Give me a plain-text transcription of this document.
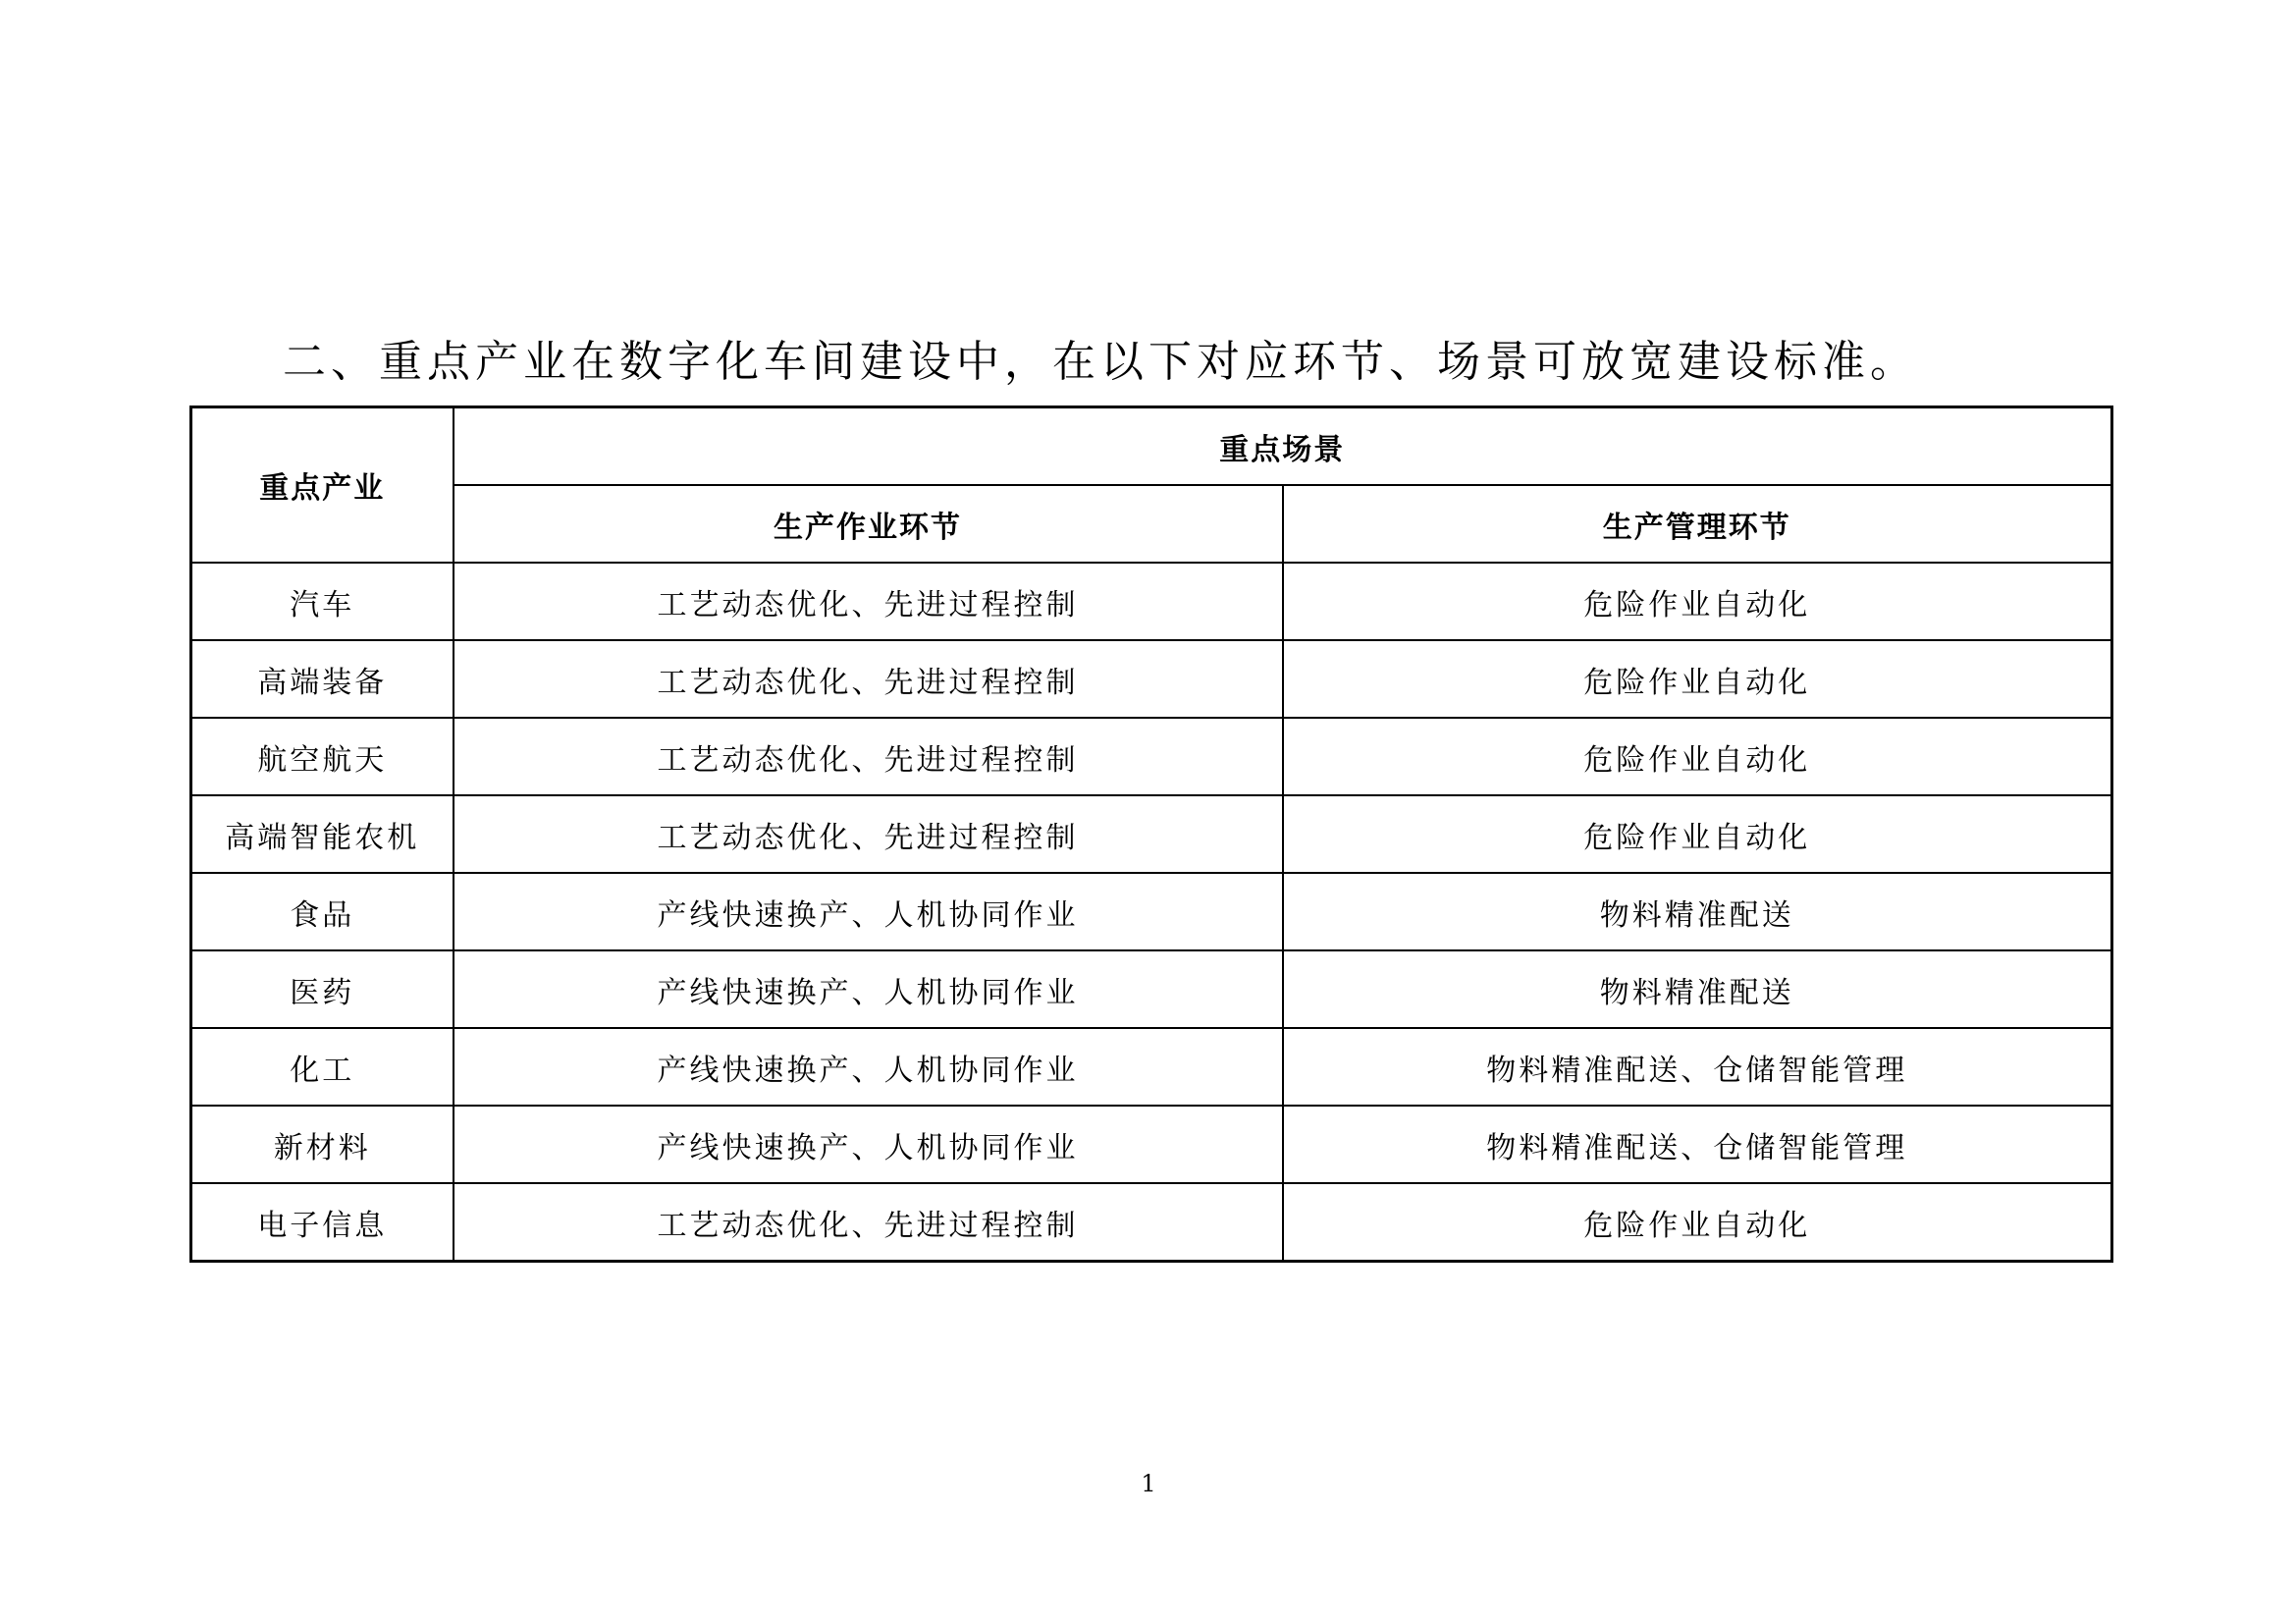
二、重点产业在数字化车间建设中，在以下对应环节、场景可放宽建设标准。
重点产业	重点场景	
	生产作业环节	生产管理环节
汽车	工艺动态优化、先进过程控制	危险作业自动化
高端装备	工艺动态优化、先进过程控制	危险作业自动化
航空航天	工艺动态优化、先进过程控制	危险作业自动化
高端智能农机	工艺动态优化、先进过程控制	危险作业自动化
食品	产线快速换产、人机协同作业	物料精准配送
医药	产线快速换产、人机协同作业	物料精准配送
化工	产线快速换产、人机协同作业	物料精准配送、仓储智能管理
新材料	产线快速换产、人机协同作业	物料精准配送、仓储智能管理
电子信息	工艺动态优化、先进过程控制	危险作业自动化
1
